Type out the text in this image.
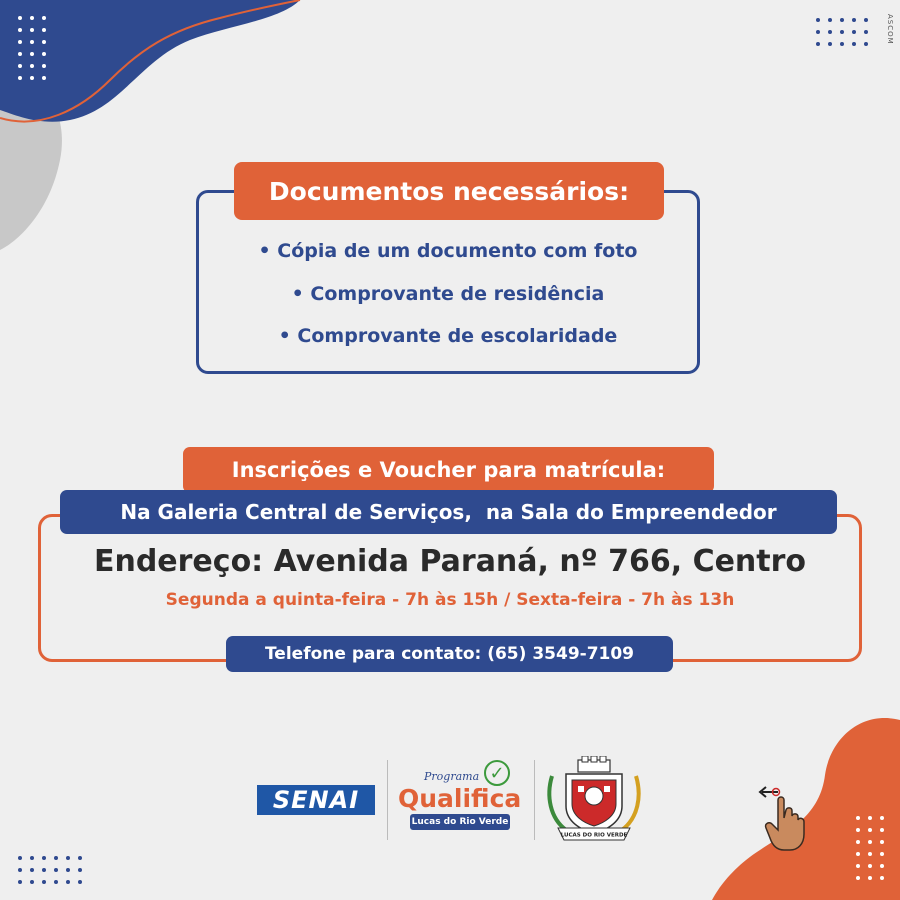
ASCOM
Documentos necessários:
• Cópia de um documento com foto
• Comprovante de residência
• Comprovante de escolaridade
Inscrições e Voucher para matrícula:
Na Galeria Central de Serviços,  na Sala do Empreendedor
Endereço: Avenida Paraná, nº 766, Centro
Segunda a quinta-feira - 7h às 15h / Sexta-feira - 7h às 13h
Telefone para contato: (65) 3549-7109
SENAI
Programa ✓
Qualifica
Lucas do Rio Verde
LUCAS DO RIO VERDE
